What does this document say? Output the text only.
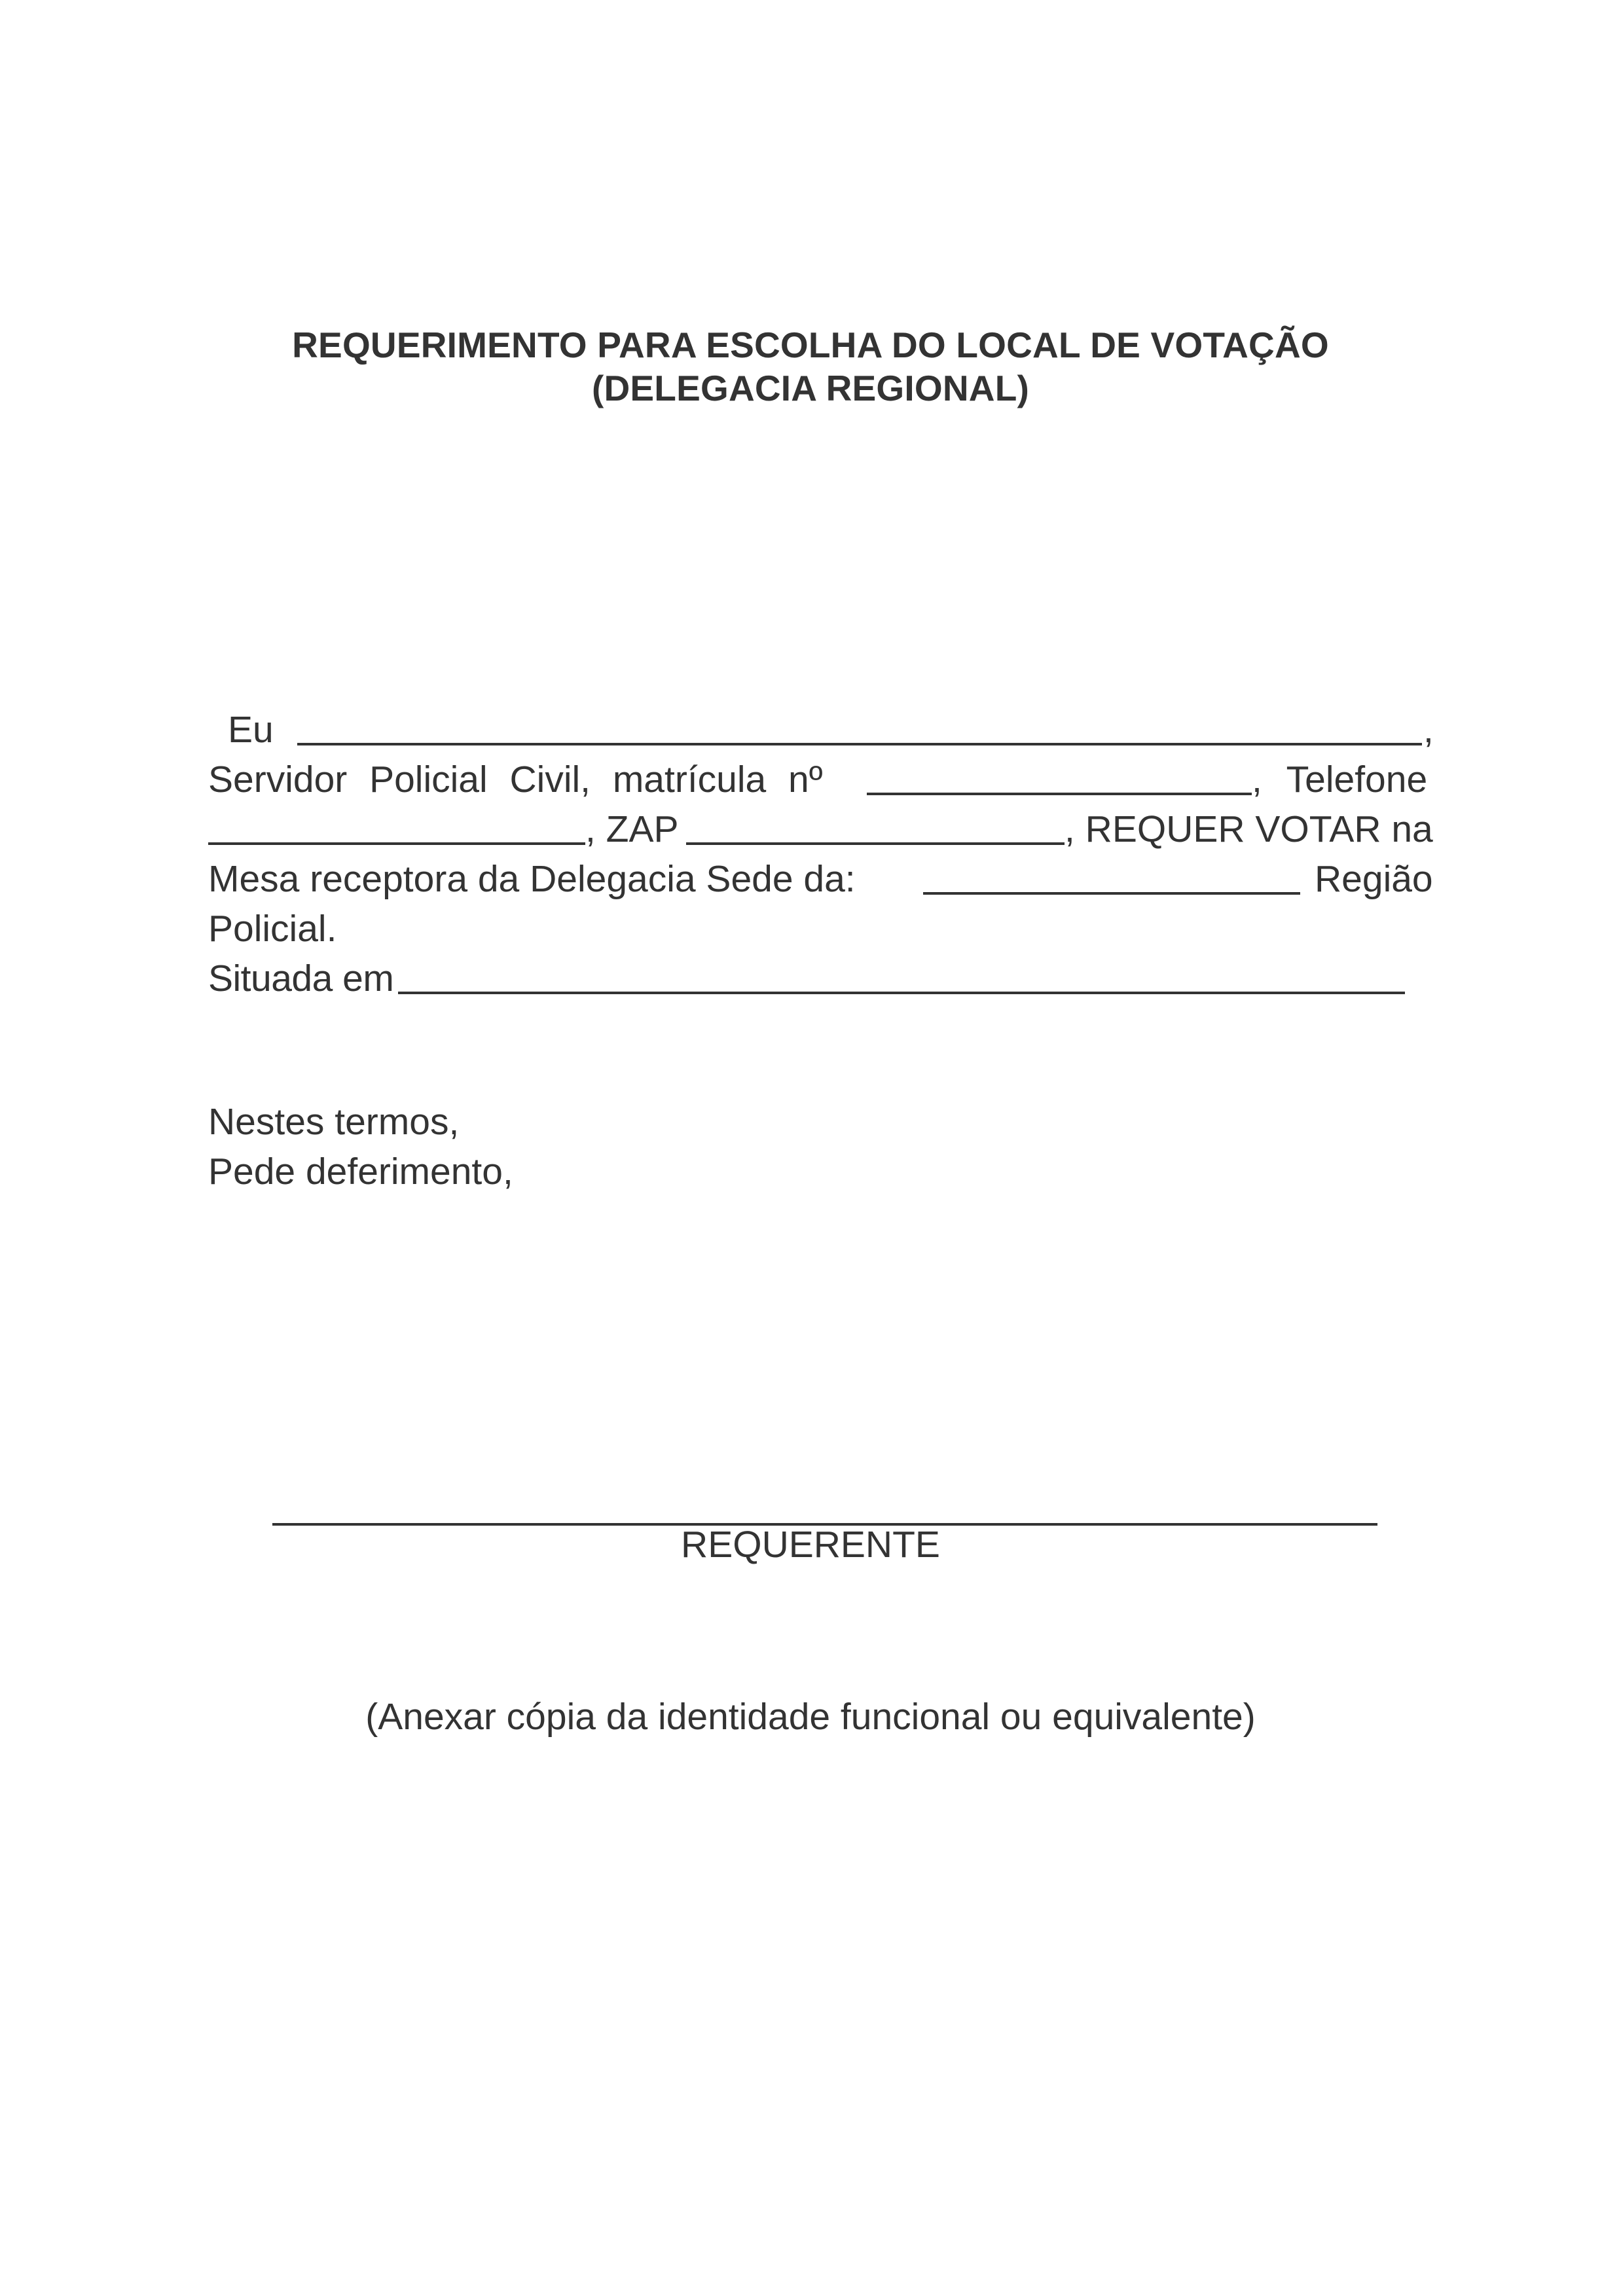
REQUERIMENTO PARA ESCOLHA DO LOCAL DE VOTAÇÃO
(DELEGACIA REGIONAL)
Eu	,
Servidor Policial Civil, matrícula nº	, Telefone
, ZAP	, REQUER VOTAR na
Mesa receptora da Delegacia Sede da:	Região
Policial.
Situada em
Nestes termos,
Pede deferimento,
REQUERENTE
(Anexar cópia da identidade funcional ou equivalente)
